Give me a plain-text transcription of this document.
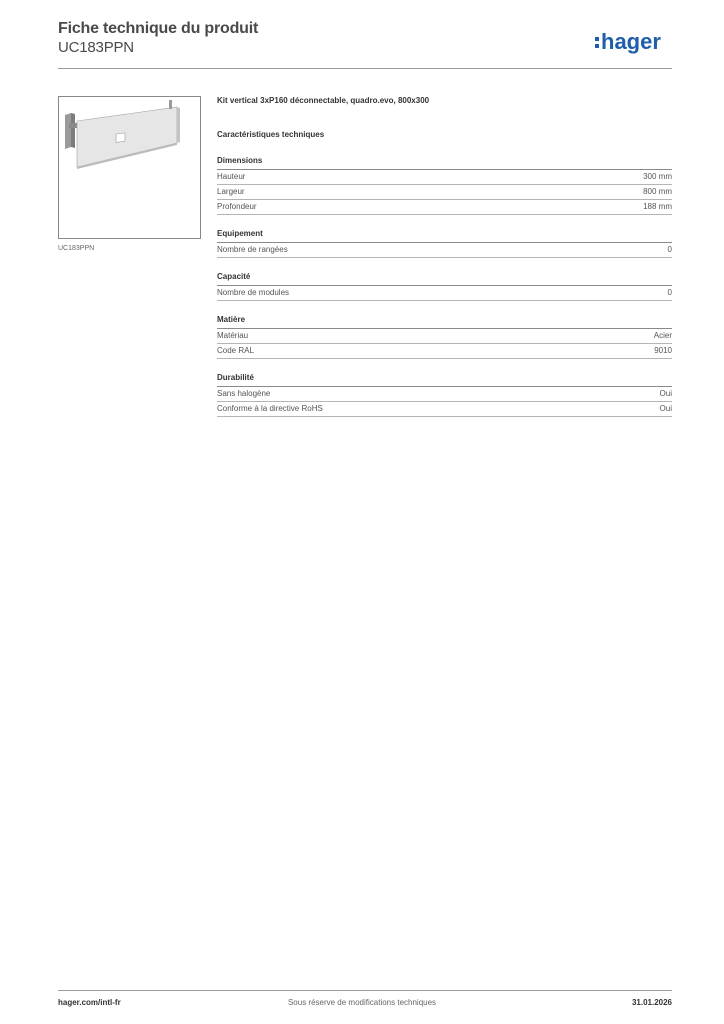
Fiche technique du produit
UC183PPN	hager
UC183PPN
Kit vertical 3xP160 déconnectable, quadro.evo, 800x300
Caractéristiques techniques
Dimensions
Hauteur	300 mm
Largeur	800 mm
Profondeur	188 mm
Equipement
Nombre de rangées	0
Capacité
Nombre de modules	0
Matière
Matériau	Acier
Code RAL	9010
Durabilité
Sans halogène	Oui
Conforme à la directive RoHS	Oui
hager.com/intl-fr	Sous réserve de modifications techniques	31.01.2026
